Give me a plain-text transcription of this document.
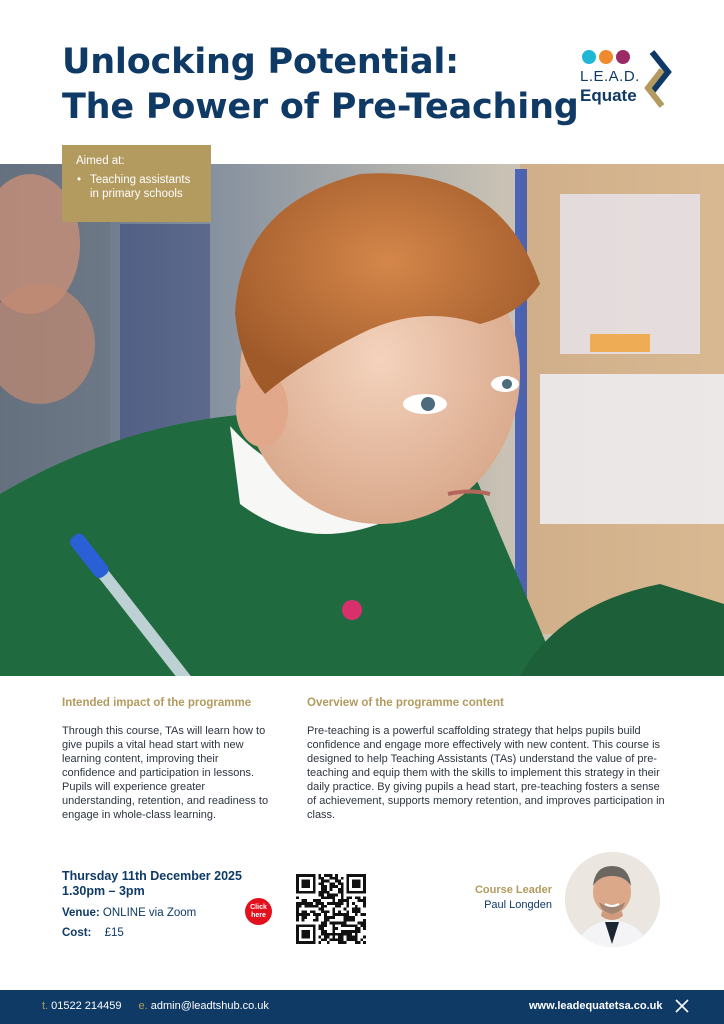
Unlocking Potential:
The Power of Pre-Teaching
L.E.A.D.
Equate
Aimed at:
• Teaching assistants in primary schools
Intended impact of the programme

Through this course, TAs will learn how to give pupils a vital head start with new learning content, improving their confidence and participation in lessons. Pupils will experience greater understanding, retention, and readiness to engage in whole-class learning.

Overview of the programme content

Pre-teaching is a powerful scaffolding strategy that helps pupils build confidence and engage more effectively with new content. This course is designed to help Teaching Assistants (TAs) understand the value of pre-teaching and equip them with the skills to implement this strategy in their daily practice. By giving pupils a head start, pre-teaching fosters a sense of achievement, supports memory retention, and improves participation in class.

Thursday 11th December 2025
1.30pm – 3pm
Venue: ONLINE via Zoom
Cost: £15
Click
here
Course Leader
Paul Longden
t. 01522 214459 e. admin@leadtshub.co.uk	www.leadequatetsa.co.uk
